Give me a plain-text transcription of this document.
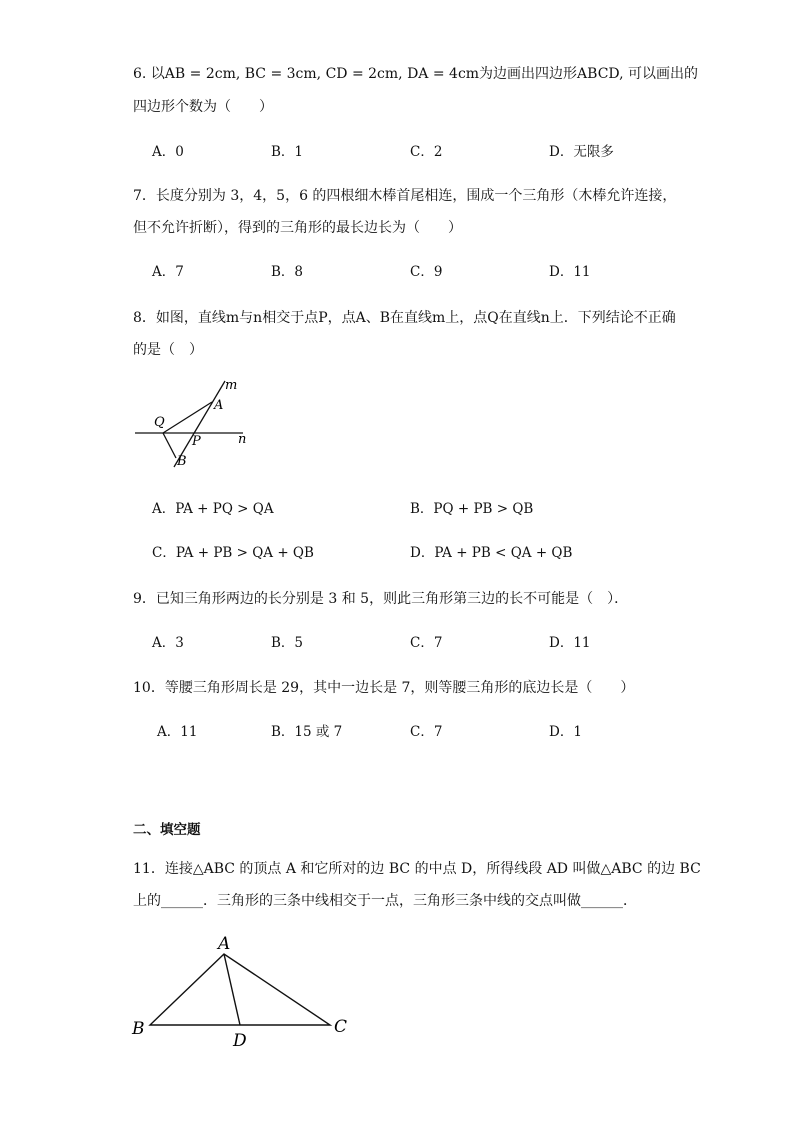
6. 以AB = 2cm, BC = 3cm, CD = 2cm, DA = 4cm为边画出四边形ABCD, 可以画出的
四边形个数为（　　）
A．0	B．1	C．2	D．无限多
7．长度分别为 3，4，5，6 的四根细木棒首尾相连，围成一个三角形（木棒允许连接，
但不允许折断），得到的三角形的最长边长为（　　）
A．7	B．8	C．9	D．11
8．如图，直线m与n相交于点P，点A、B在直线m上，点Q在直线n上．下列结论不正确
的是（　）
m
A
Q
P	n
B
A．PA + PQ > QA	B．PQ + PB > QB
C．PA + PB > QA + QB	D．PA + PB < QA + QB
9．已知三角形两边的长分别是 3 和 5，则此三角形第三边的长不可能是（　）．
A．3	B．5	C．7	D．11
10．等腰三角形周长是 29，其中一边长是 7，则等腰三角形的底边长是（　　）
A．11	B．15 或 7	C．7	D．1
二、填空题
11．连接△ABC 的顶点 A 和它所对的边 BC 的中点 D，所得线段 AD 叫做△ABC 的边 BC
上的______．三角形的三条中线相交于一点，三角形三条中线的交点叫做______．
A
B	C
D
